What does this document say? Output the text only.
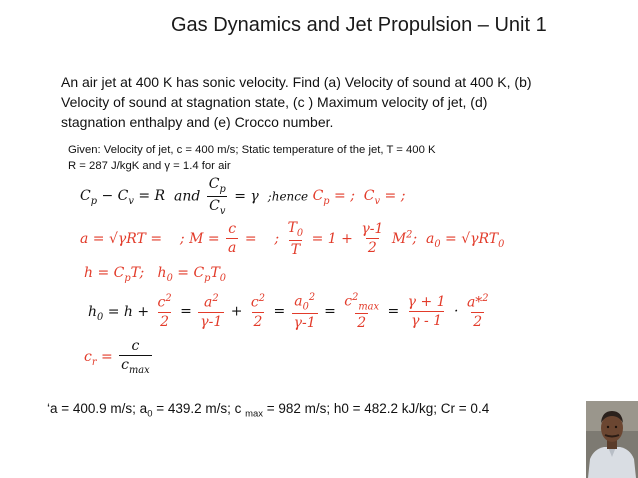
Gas Dynamics and Jet Propulsion – Unit 1
An air jet at 400 K has sonic velocity. Find (a) Velocity of sound at 400 K, (b)
Velocity of sound at stagnation state, (c ) Maximum velocity of jet, (d)
stagnation enthalpy and (e) Crocco number.
Given: Velocity of jet, c = 400 m/s; Static temperature of the jet, T = 400 K
R = 287 J/kgK and γ = 1.4 for air
$C_p - C_v = R$ and $\frac{C_p}{C_v} = \gamma$ ;hence $C_p$ = ;  $C_v$ = ;
a = √γRT = ; $M = \frac{c}{a}$ = ; $\frac{T_0}{T} = 1 + \frac{\gamma-1}{2} M^2$;  $a_0 = √\gamma RT_0$
$h = C_pT$;   $h_0 = C_pT_0$
$h_0 = h + \frac{c^2}{2} = \frac{a^2}{\gamma-1} + \frac{c^2}{2} = \frac{a_0^2}{\gamma-1}$ =
$c^2_{max}$
2
= $\frac{\gamma + 1}{\gamma - 1} \cdot \frac{a*^2}{2}$
$c_r$ =
c
$c_{max}$
‘a = 400.9 m/s; $a_0 = 439.2$ m/s; c $_{max}$ = 982 m/s; h0 = 482.2 kJ/kg; Cr = 0.4
